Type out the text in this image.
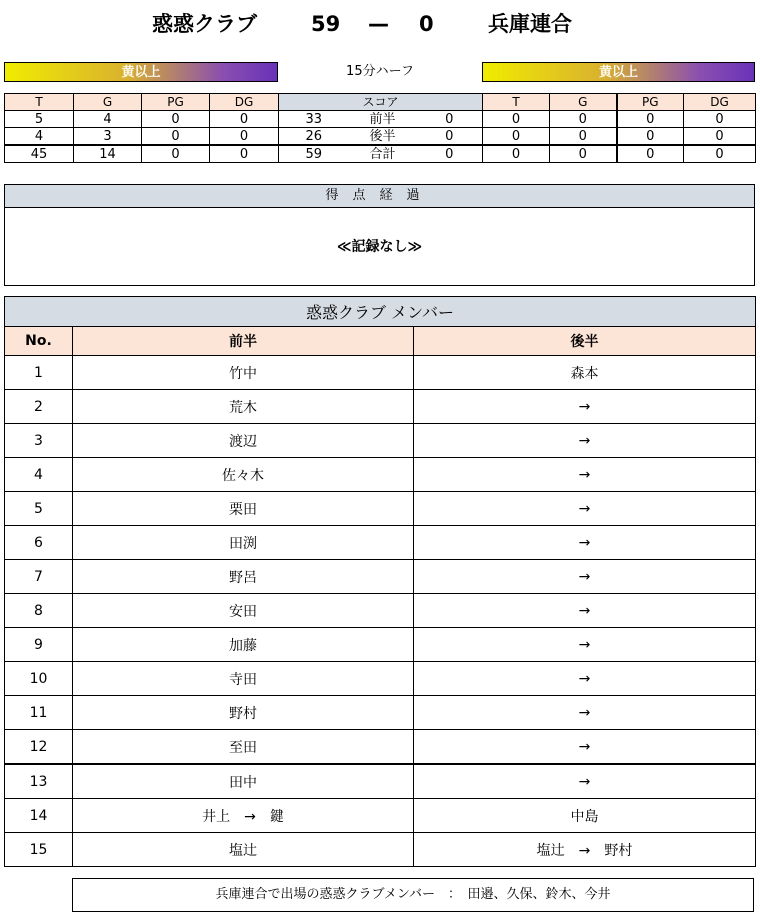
惑惑クラブ	59 — 0	兵庫連合
黄以上	15分ハーフ	黄以上
T	G	PG	DG	スコア			T	G	PG	DG
5	4	0	0	33	前半	0	0	0	0	0
4	3	0	0	26	後半	0	0	0	0	0
45	14	0	0	59	合計	0	0	0	0	0
得点経過
≪記録なし≫
惑惑クラブ メンバー		
No.	前半	後半
1	竹中	森本
2	荒木	→
3	渡辺	→
4	佐々木	→
5	栗田	→
6	田渕	→
7	野呂	→
8	安田	→
9	加藤	→
10	寺田	→
11	野村	→
12	至田	→
13	田中	→
14	井上　→　鍵	中島
15	塩辻	塩辻　→　野村
兵庫連合で出場の惑惑クラブメンバー　：　田邉、久保、鈴木、今井
